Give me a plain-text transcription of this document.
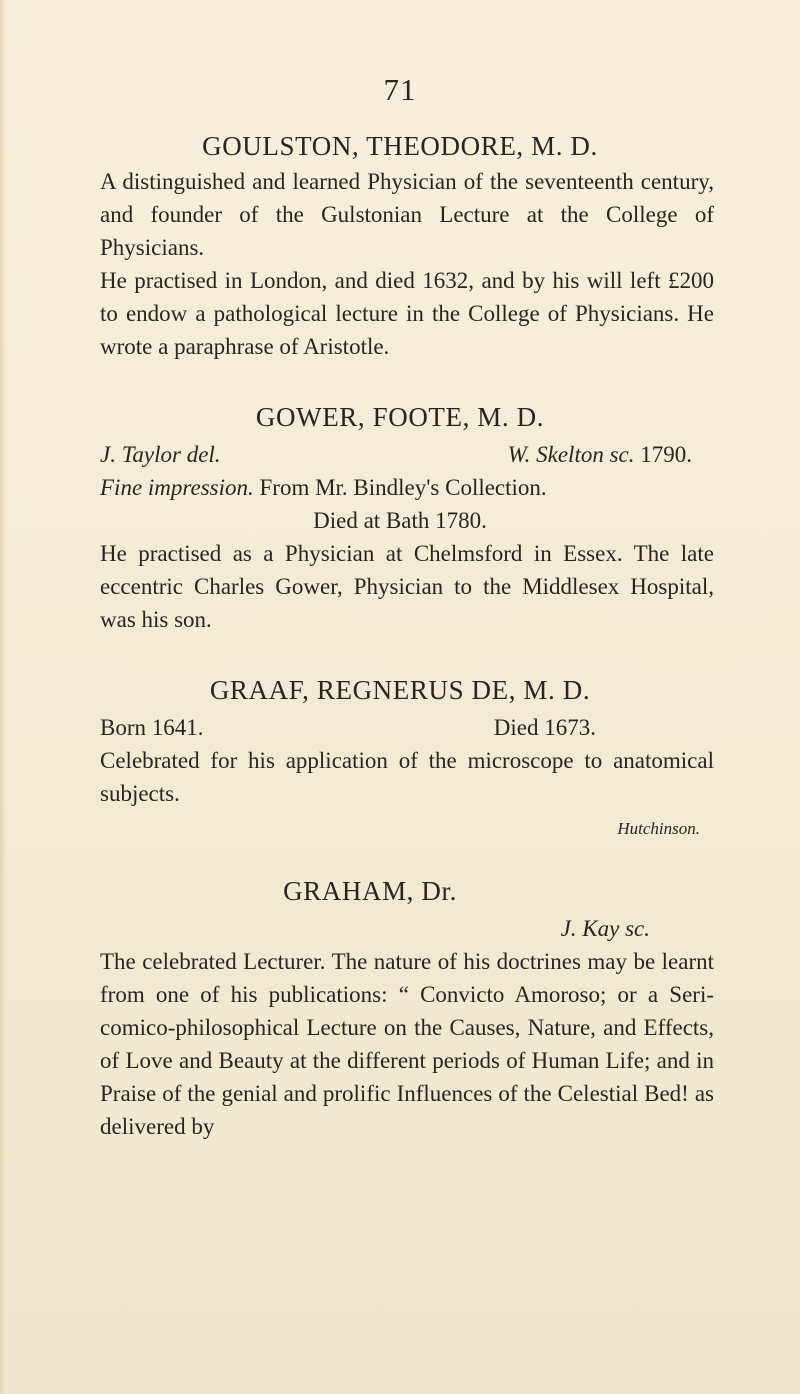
71
GOULSTON, THEODORE, M. D.

A distinguished and learned Physician of the seventeenth century, and founder of the Gulstonian Lecture at the College of Physicians.

He practised in London, and died 1632, and by his will left £200 to endow a pathological lecture in the College of Physicians. He wrote a paraphrase of Aristotle.

GOWER, FOOTE, M. D.
J. Taylor del.	W. Skelton sc. 1790.

Fine impression. From Mr. Bindley's Collection.

Died at Bath 1780.

He practised as a Physician at Chelmsford in Essex. The late eccentric Charles Gower, Physician to the Middlesex Hospital, was his son.

GRAAF, REGNERUS DE, M. D.
Born 1641.	Died 1673.

Celebrated for his application of the microscope to anatomical subjects.

Hutchinson.
GRAHAM, Dr.
J. Kay sc.

The celebrated Lecturer. The nature of his doctrines may be learnt from one of his publications: “ Convicto Amoroso; or a Seri-comico-philosophical Lecture on the Causes, Nature, and Effects, of Love and Beauty at the different periods of Human Life; and in Praise of the genial and prolific Influences of the Celestial Bed! as delivered by
